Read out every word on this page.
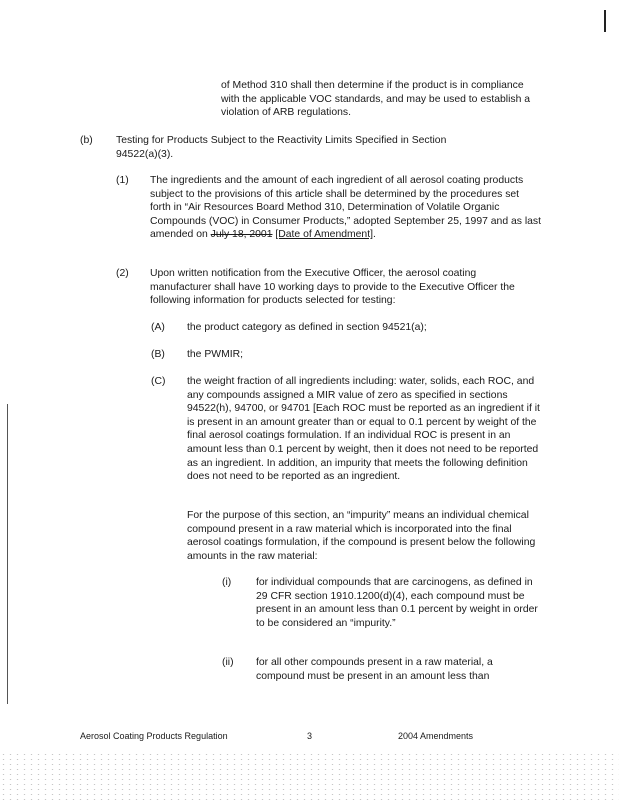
of Method 310 shall then determine if the product is in compliance with the applicable VOC standards, and may be used to establish a violation of ARB regulations.

(b) Testing for Products Subject to the Reactivity Limits Specified in Section 94522(a)(3).

(1) The ingredients and the amount of each ingredient of all aerosol coating products subject to the provisions of this article shall be determined by the procedures set forth in “Air Resources Board Method 310, Determination of Volatile Organic Compounds (VOC) in Consumer Products,” adopted September 25, 1997 and as last amended on July 18, 2001 [Date of Amendment].

(2) Upon written notification from the Executive Officer, the aerosol coating manufacturer shall have 10 working days to provide to the Executive Officer the following information for products selected for testing:

(A) the product category as defined in section 94521(a);

(B) the PWMIR;

(C) the weight fraction of all ingredients including: water, solids, each ROC, and any compounds assigned a MIR value of zero as specified in sections 94522(h), 94700, or 94701 [Each ROC must be reported as an ingredient if it is present in an amount greater than or equal to 0.1 percent by weight of the final aerosol coatings formulation. If an individual ROC is present in an amount less than 0.1 percent by weight, then it does not need to be reported as an ingredient. In addition, an impurity that meets the following definition does not need to be reported as an ingredient.

For the purpose of this section, an “impurity” means an individual chemical compound present in a raw material which is incorporated into the final aerosol coatings formulation, if the compound is present below the following amounts in the raw material:

(i) for individual compounds that are carcinogens, as defined in 29 CFR section 1910.1200(d)(4), each compound must be present in an amount less than 0.1 percent by weight in order to be considered an “impurity.”

(ii) for all other compounds present in a raw material, a compound must be present in an amount less than

Aerosol Coating Products Regulation	3	2004 Amendments
